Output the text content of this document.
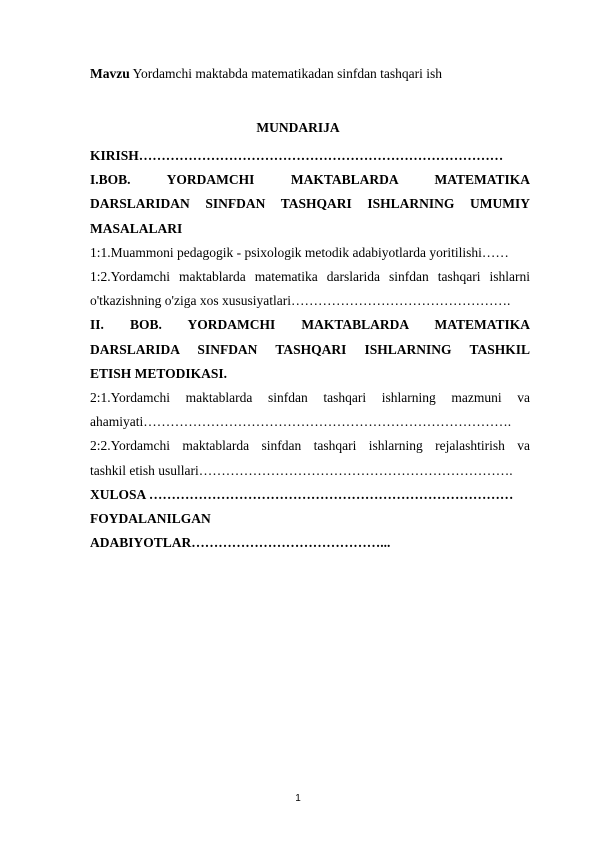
Mavzu Yordamchi maktabda matematikadan sinfdan tashqari ish
MUNDARIJA
KIRISH………………………………………………………………………
I.BOB. YORDAMCHI MAKTABLARDA MATEMATIKA
DARSLARIDAN SINFDAN TASHQARI ISHLARNING UMUMIY
MASALALARI
1:1.Muammoni pedagogik - psixologik metodik adabiyotlarda yoritilishi……
1:2.Yordamchi maktablarda matematika darslarida sinfdan tashqari ishlarni
o'tkazishning o'ziga xos xususiyatlari………………………………………….
II. BOB. YORDAMCHI MAKTABLARDA MATEMATIKA
DARSLARIDA SINFDAN TASHQARI ISHLARNING TASHKIL
ETISH METODIKASI.
2:1.Yordamchi maktablarda sinfdan tashqari ishlarning mazmuni va
ahamiyati……………………………………………………………………….
2:2.Yordamchi maktablarda sinfdan tashqari ishlarning rejalashtirish va
tashkil etish usullari…………………………………………………………….
XULOSA ………………………………………………………………………
FOYDALANILGAN
ADABIYOTLAR……………………………………...
1
